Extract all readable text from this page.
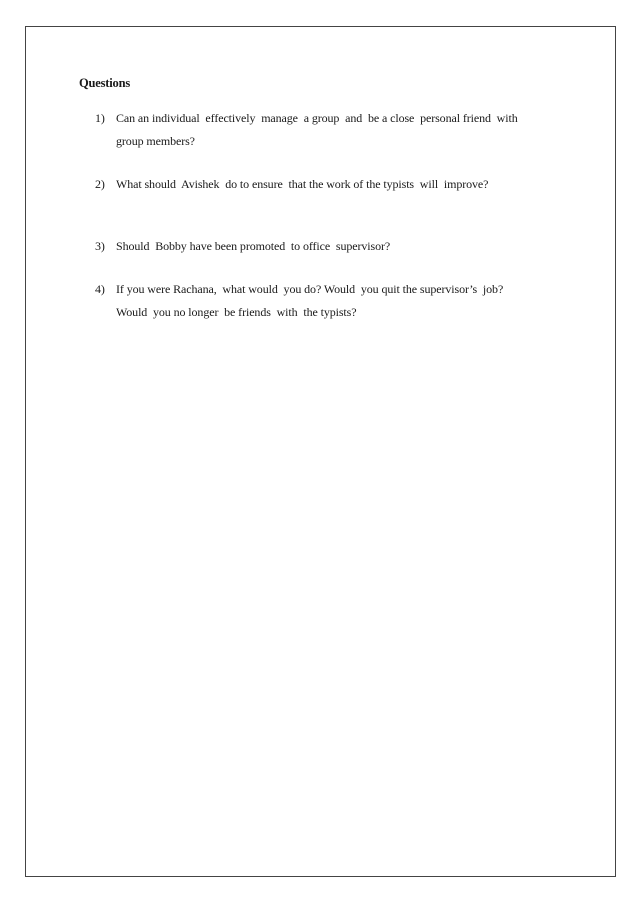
Questions
1) Can an individual  effectively  manage  a group  and  be a close  personal friend  with
group members?
2) What should  Avishek  do to ensure  that the work of the typists  will  improve?
3) Should  Bobby have been promoted  to office  supervisor?
4) If you were Rachana,  what would  you do? Would  you quit the supervisor’s  job?
Would  you no longer  be friends  with  the typists?
